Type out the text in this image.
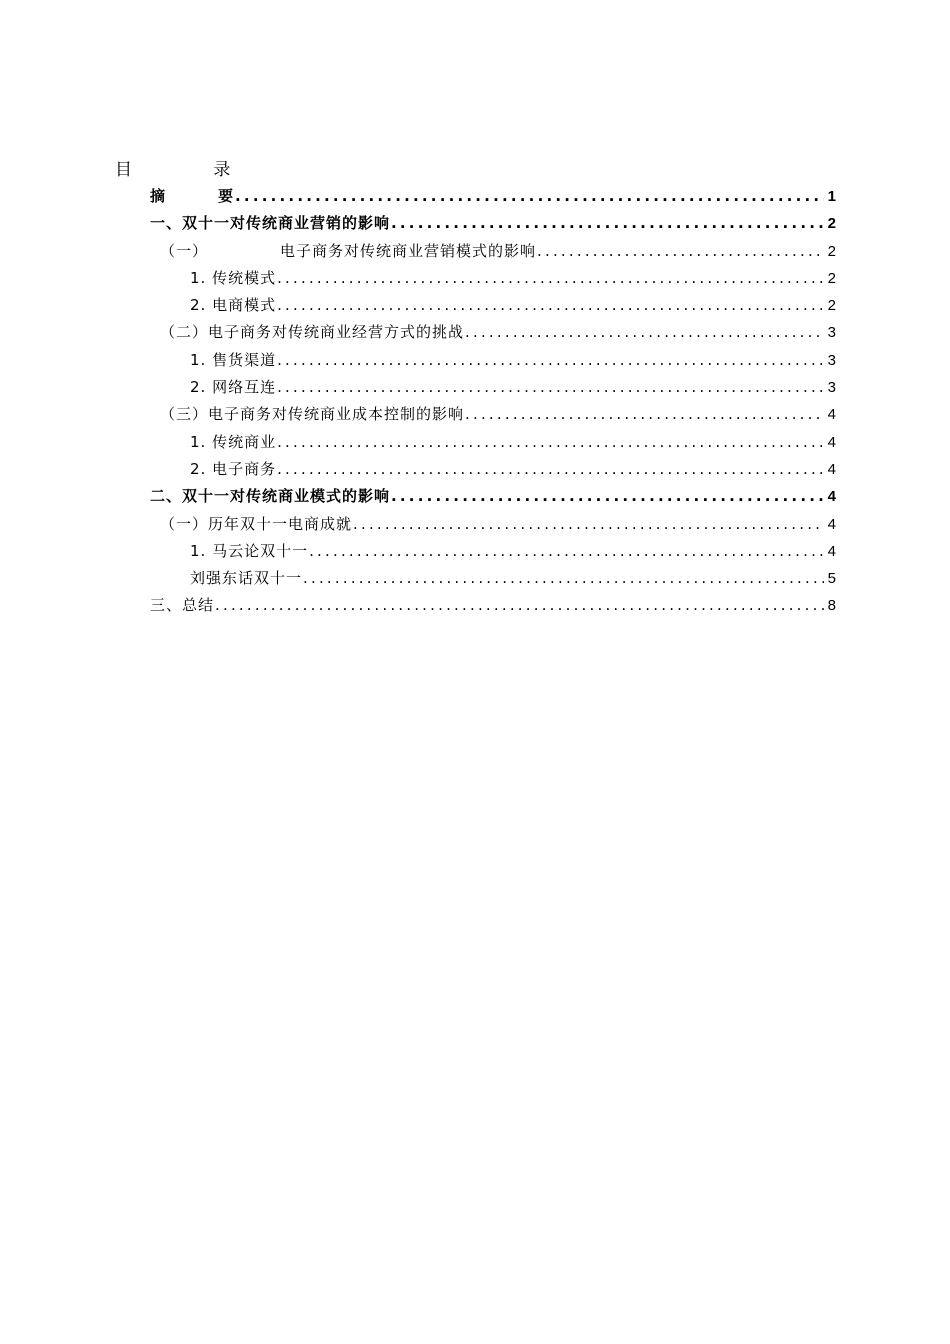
目 录
摘	要 .....	1
一、双十一对传统商业营销的影响 .....	2
（一）	电子商务对传统商业营销模式的影响 .....	2
1. 传统模式 .....	2
2. 电商模式 .....	2
（二）电子商务对传统商业经营方式的挑战 .....	3
1. 售货渠道 .....	3
2. 网络互连 .....	3
（三）电子商务对传统商业成本控制的影响 .....	4
1. 传统商业 .....	4
2. 电子商务 .....	4
二、双十一对传统商业模式的影响 .....	4
（一）历年双十一电商成就 .....	4
1. 马云论双十一 .....	4
刘强东话双十一 .....	5
三、总结 .....	8
